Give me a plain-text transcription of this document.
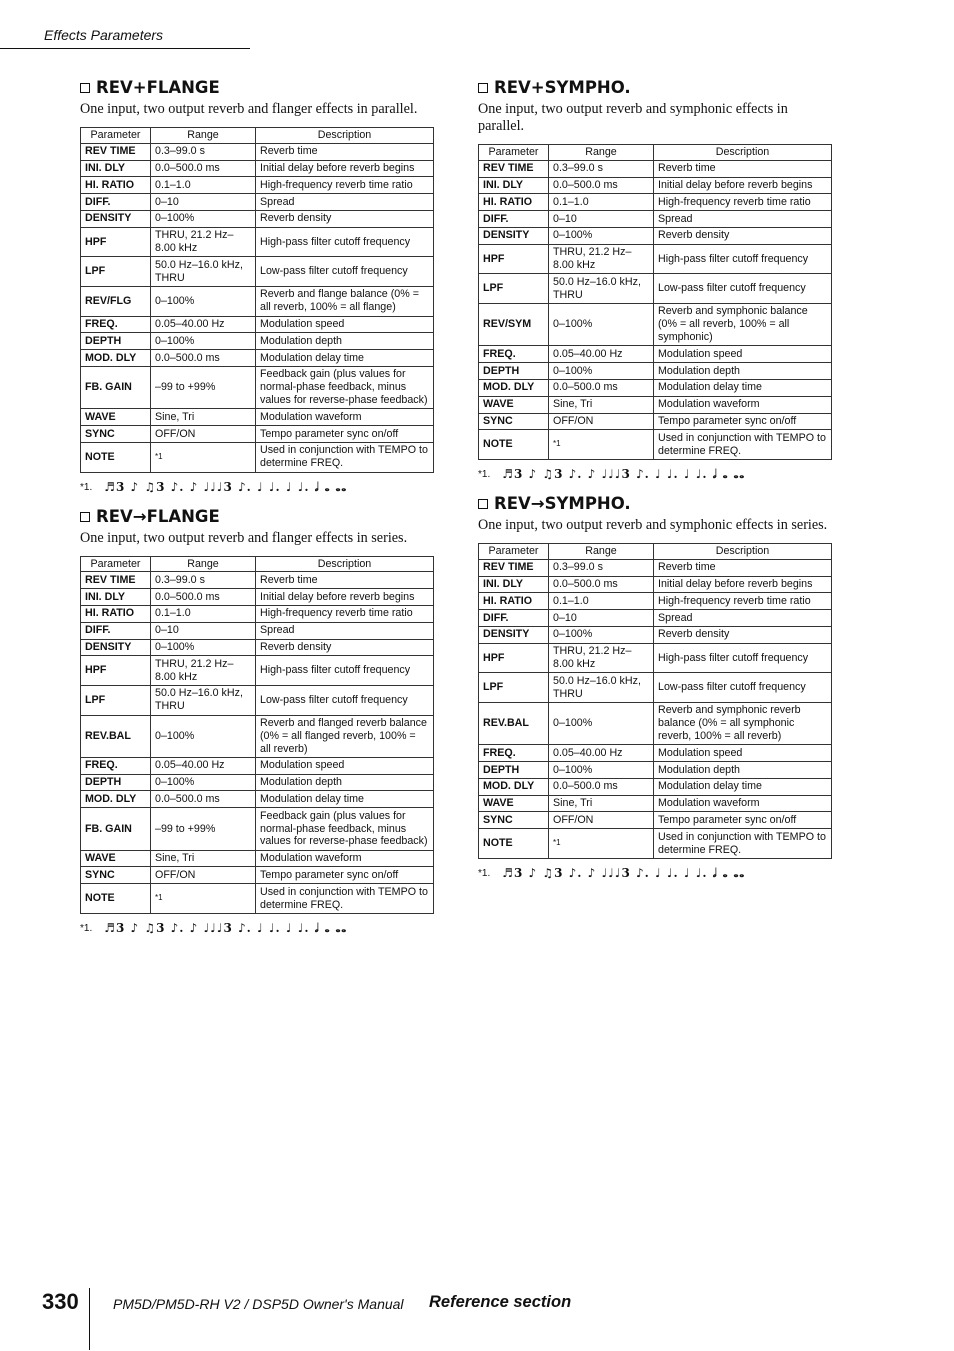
Effects Parameters
REV+FLANGE

One input, two output reverb and flanger effects in parallel.

Parameter	Range	Description
REV TIME	0.3–99.0 s	Reverb time
INI. DLY	0.0–500.0 ms	Initial delay before reverb begins
HI. RATIO	0.1–1.0	High-frequency reverb time ratio
DIFF.	0–10	Spread
DENSITY	0–100%	Reverb density
HPF	THRU, 21.2 Hz–8.00 kHz	High-pass filter cutoff frequency
LPF	50.0 Hz–16.0 kHz, THRU	Low-pass filter cutoff frequency
REV/FLG	0–100%	Reverb and flange balance (0% = all reverb, 100% = all flange)
FREQ.	0.05–40.00 Hz	Modulation speed
DEPTH	0–100%	Modulation depth
MOD. DLY	0.0–500.0 ms	Modulation delay time
FB. GAIN	–99 to +99%	Feedback gain (plus values for normal-phase feedback, minus values for reverse-phase feedback)
WAVE	Sine, Tri	Modulation waveform
SYNC	OFF/ON	Tempo parameter sync on/off
NOTE	*1	Used in conjunction with TEMPO to determine FREQ.
*1. ♬3 ♪ ♫3 ♪. ♪ ♩♩♩3 ♪. ♩ ♩. ♩ ♩. 𝅗𝅥 𝅝 𝅝𝅝
REV→FLANGE

One input, two output reverb and flanger effects in series.

Parameter	Range	Description
REV TIME	0.3–99.0 s	Reverb time
INI. DLY	0.0–500.0 ms	Initial delay before reverb begins
HI. RATIO	0.1–1.0	High-frequency reverb time ratio
DIFF.	0–10	Spread
DENSITY	0–100%	Reverb density
HPF	THRU, 21.2 Hz–8.00 kHz	High-pass filter cutoff frequency
LPF	50.0 Hz–16.0 kHz, THRU	Low-pass filter cutoff frequency
REV.BAL	0–100%	Reverb and flanged reverb balance (0% = all flanged reverb, 100% = all reverb)
FREQ.	0.05–40.00 Hz	Modulation speed
DEPTH	0–100%	Modulation depth
MOD. DLY	0.0–500.0 ms	Modulation delay time
FB. GAIN	–99 to +99%	Feedback gain (plus values for normal-phase feedback, minus values for reverse-phase feedback)
WAVE	Sine, Tri	Modulation waveform
SYNC	OFF/ON	Tempo parameter sync on/off
NOTE	*1	Used in conjunction with TEMPO to determine FREQ.
*1. ♬3 ♪ ♫3 ♪. ♪ ♩♩♩3 ♪. ♩ ♩. ♩ ♩. 𝅗𝅥 𝅝 𝅝𝅝
REV+SYMPHO.

One input, two output reverb and symphonic effects in parallel.

Parameter	Range	Description
REV TIME	0.3–99.0 s	Reverb time
INI. DLY	0.0–500.0 ms	Initial delay before reverb begins
HI. RATIO	0.1–1.0	High-frequency reverb time ratio
DIFF.	0–10	Spread
DENSITY	0–100%	Reverb density
HPF	THRU, 21.2 Hz–8.00 kHz	High-pass filter cutoff frequency
LPF	50.0 Hz–16.0 kHz, THRU	Low-pass filter cutoff frequency
REV/SYM	0–100%	Reverb and symphonic balance (0% = all reverb, 100% = all symphonic)
FREQ.	0.05–40.00 Hz	Modulation speed
DEPTH	0–100%	Modulation depth
MOD. DLY	0.0–500.0 ms	Modulation delay time
WAVE	Sine, Tri	Modulation waveform
SYNC	OFF/ON	Tempo parameter sync on/off
NOTE	*1	Used in conjunction with TEMPO to determine FREQ.
*1. ♬3 ♪ ♫3 ♪. ♪ ♩♩♩3 ♪. ♩ ♩. ♩ ♩. 𝅗𝅥 𝅝 𝅝𝅝
REV→SYMPHO.

One input, two output reverb and symphonic effects in series.

Parameter	Range	Description
REV TIME	0.3–99.0 s	Reverb time
INI. DLY	0.0–500.0 ms	Initial delay before reverb begins
HI. RATIO	0.1–1.0	High-frequency reverb time ratio
DIFF.	0–10	Spread
DENSITY	0–100%	Reverb density
HPF	THRU, 21.2 Hz–8.00 kHz	High-pass filter cutoff frequency
LPF	50.0 Hz–16.0 kHz, THRU	Low-pass filter cutoff frequency
REV.BAL	0–100%	Reverb and symphonic reverb balance (0% = all symphonic reverb, 100% = all reverb)
FREQ.	0.05–40.00 Hz	Modulation speed
DEPTH	0–100%	Modulation depth
MOD. DLY	0.0–500.0 ms	Modulation delay time
WAVE	Sine, Tri	Modulation waveform
SYNC	OFF/ON	Tempo parameter sync on/off
NOTE	*1	Used in conjunction with TEMPO to determine FREQ.
*1. ♬3 ♪ ♫3 ♪. ♪ ♩♩♩3 ♪. ♩ ♩. ♩ ♩. 𝅗𝅥 𝅝 𝅝𝅝
330 PM5D/PM5D-RH V2 / DSP5D Owner's Manual Reference section
